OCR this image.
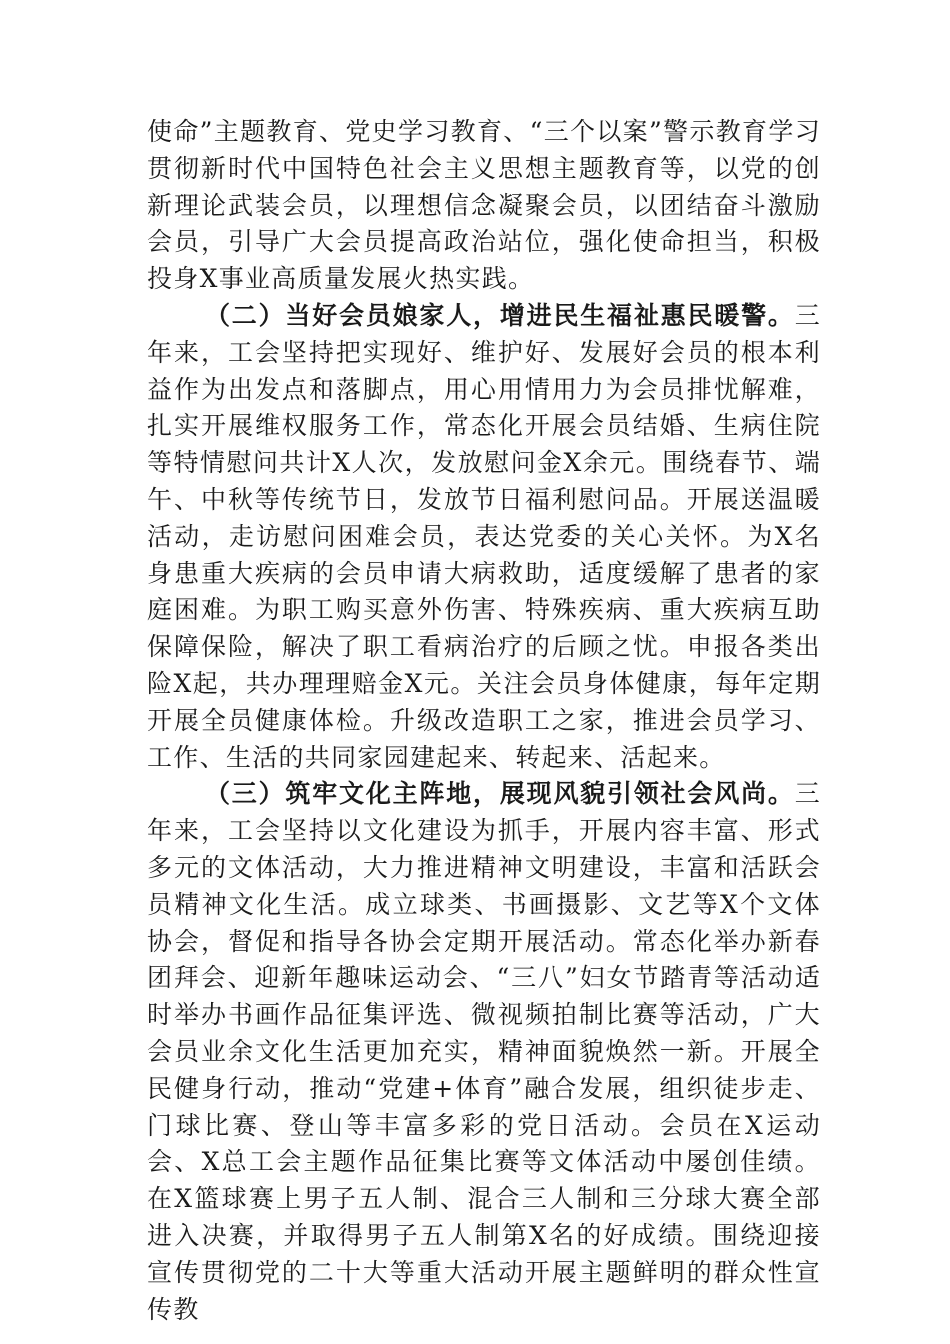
使命”主题教育、党史学习教育、“三个以案”警示教育学习贯彻新时代中国特色社会主义思想主题教育等，以党的创新理论武装会员，以理想信念凝聚会员，以团结奋斗激励会员，引导广大会员提高政治站位，强化使命担当，积极投身X事业高质量发展火热实践。

（二）当好会员娘家人，增进民生福祉惠民暖警。三年来，工会坚持把实现好、维护好、发展好会员的根本利益作为出发点和落脚点，用心用情用力为会员排忧解难，扎实开展维权服务工作，常态化开展会员结婚、生病住院等特情慰问共计X人次，发放慰问金X余元。围绕春节、端午、中秋等传统节日，发放节日福利慰问品。开展送温暖活动，走访慰问困难会员，表达党委的关心关怀。为X名身患重大疾病的会员申请大病救助，适度缓解了患者的家庭困难。为职工购买意外伤害、特殊疾病、重大疾病互助保障保险，解决了职工看病治疗的后顾之忧。申报各类出险X起，共办理理赔金X元。关注会员身体健康，每年定期开展全员健康体检。升级改造职工之家，推进会员学习、工作、生活的共同家园建起来、转起来、活起来。

（三）筑牢文化主阵地，展现风貌引领社会风尚。三年来，工会坚持以文化建设为抓手，开展内容丰富、形式多元的文体活动，大力推进精神文明建设，丰富和活跃会员精神文化生活。成立球类、书画摄影、文艺等X个文体协会，督促和指导各协会定期开展活动。常态化举办新春团拜会、迎新年趣味运动会、“三八”妇女节踏青等活动适时举办书画作品征集评选、微视频拍制比赛等活动，广大会员业余文化生活更加充实，精神面貌焕然一新。开展全民健身行动，推动“党建+体育”融合发展，组织徒步走、门球比赛、登山等丰富多彩的党日活动。会员在X运动会、X总工会主题作品征集比赛等文体活动中屡创佳绩。在X篮球赛上男子五人制、混合三人制和三分球大赛全部进入决赛，并取得男子五人制第X名的好成绩。围绕迎接宣传贯彻党的二十大等重大活动开展主题鲜明的群众性宣传教
